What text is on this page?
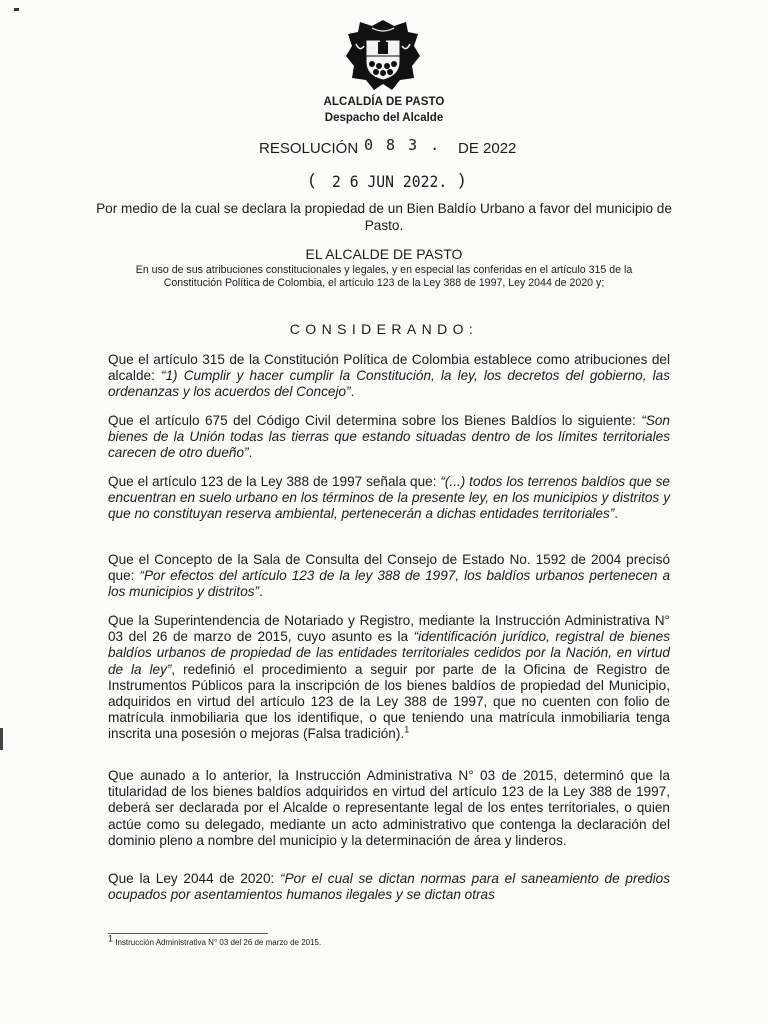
ALCALDÍA DE PASTO
Despacho del Alcalde
RESOLUCIÓN 0 8 3 . DE 2022
( 2 6 JUN 2022. )
Por medio de la cual se declara la propiedad de un Bien Baldío Urbano a favor del municipio de Pasto.
EL ALCALDE DE PASTO
En uso de sus atribuciones constitucionales y legales, y en especial las conferidas en el artículo 315 de la Constitución Política de Colombia, el artículo 123 de la Ley 388 de 1997, Ley 2044 de 2020 y;
CONSIDERANDO:

Que el artículo 315 de la Constitución Política de Colombia establece como atribuciones del alcalde: “1) Cumplir y hacer cumplir la Constitución, la ley, los decretos del gobierno, las ordenanzas y los acuerdos del Concejo”.

Que el artículo 675 del Código Civil determina sobre los Bienes Baldíos lo siguiente: “Son bienes de la Unión todas las tierras que estando situadas dentro de los límites territoriales carecen de otro dueño”.

Que el artículo 123 de la Ley 388 de 1997 señala que: “(...) todos los terrenos baldíos que se encuentran en suelo urbano en los términos de la presente ley, en los municipios y distritos y que no constituyan reserva ambiental, pertenecerán a dichas entidades territoriales”.

Que el Concepto de la Sala de Consulta del Consejo de Estado No. 1592 de 2004 precisó que: “Por efectos del artículo 123 de la ley 388 de 1997, los baldíos urbanos pertenecen a los municipios y distritos”.

Que la Superintendencia de Notariado y Registro, mediante la Instrucción Administrativa N° 03 del 26 de marzo de 2015, cuyo asunto es la “identificación jurídico, registral de bienes baldíos urbanos de propiedad de las entidades territoriales cedidos por la Nación, en virtud de la ley”, redefinió el procedimiento a seguir por parte de la Oficina de Registro de Instrumentos Públicos para la inscripción de los bienes baldíos de propiedad del Municipio, adquiridos en virtud del artículo 123 de la Ley 388 de 1997, que no cuenten con folio de matrícula inmobiliaria que los identifique, o que teniendo una matrícula inmobiliaria tenga inscrita una posesión o mejoras (Falsa tradición).$^1$

Que aunado a lo anterior, la Instrucción Administrativa N° 03 de 2015, determinó que la titularidad de los bienes baldíos adquiridos en virtud del artículo 123 de la Ley 388 de 1997, deberá ser declarada por el Alcalde o representante legal de los entes territoriales, o quien actúe como su delegado, mediante un acto administrativo que contenga la declaración del dominio pleno a nombre del municipio y la determinación de área y linderos.

Que la Ley 2044 de 2020: “Por el cual se dictan normas para el saneamiento de predios ocupados por asentamientos humanos ilegales y se dictan otras

$^1$ Instrucción Administrativa N° 03 del 26 de marzo de 2015.
